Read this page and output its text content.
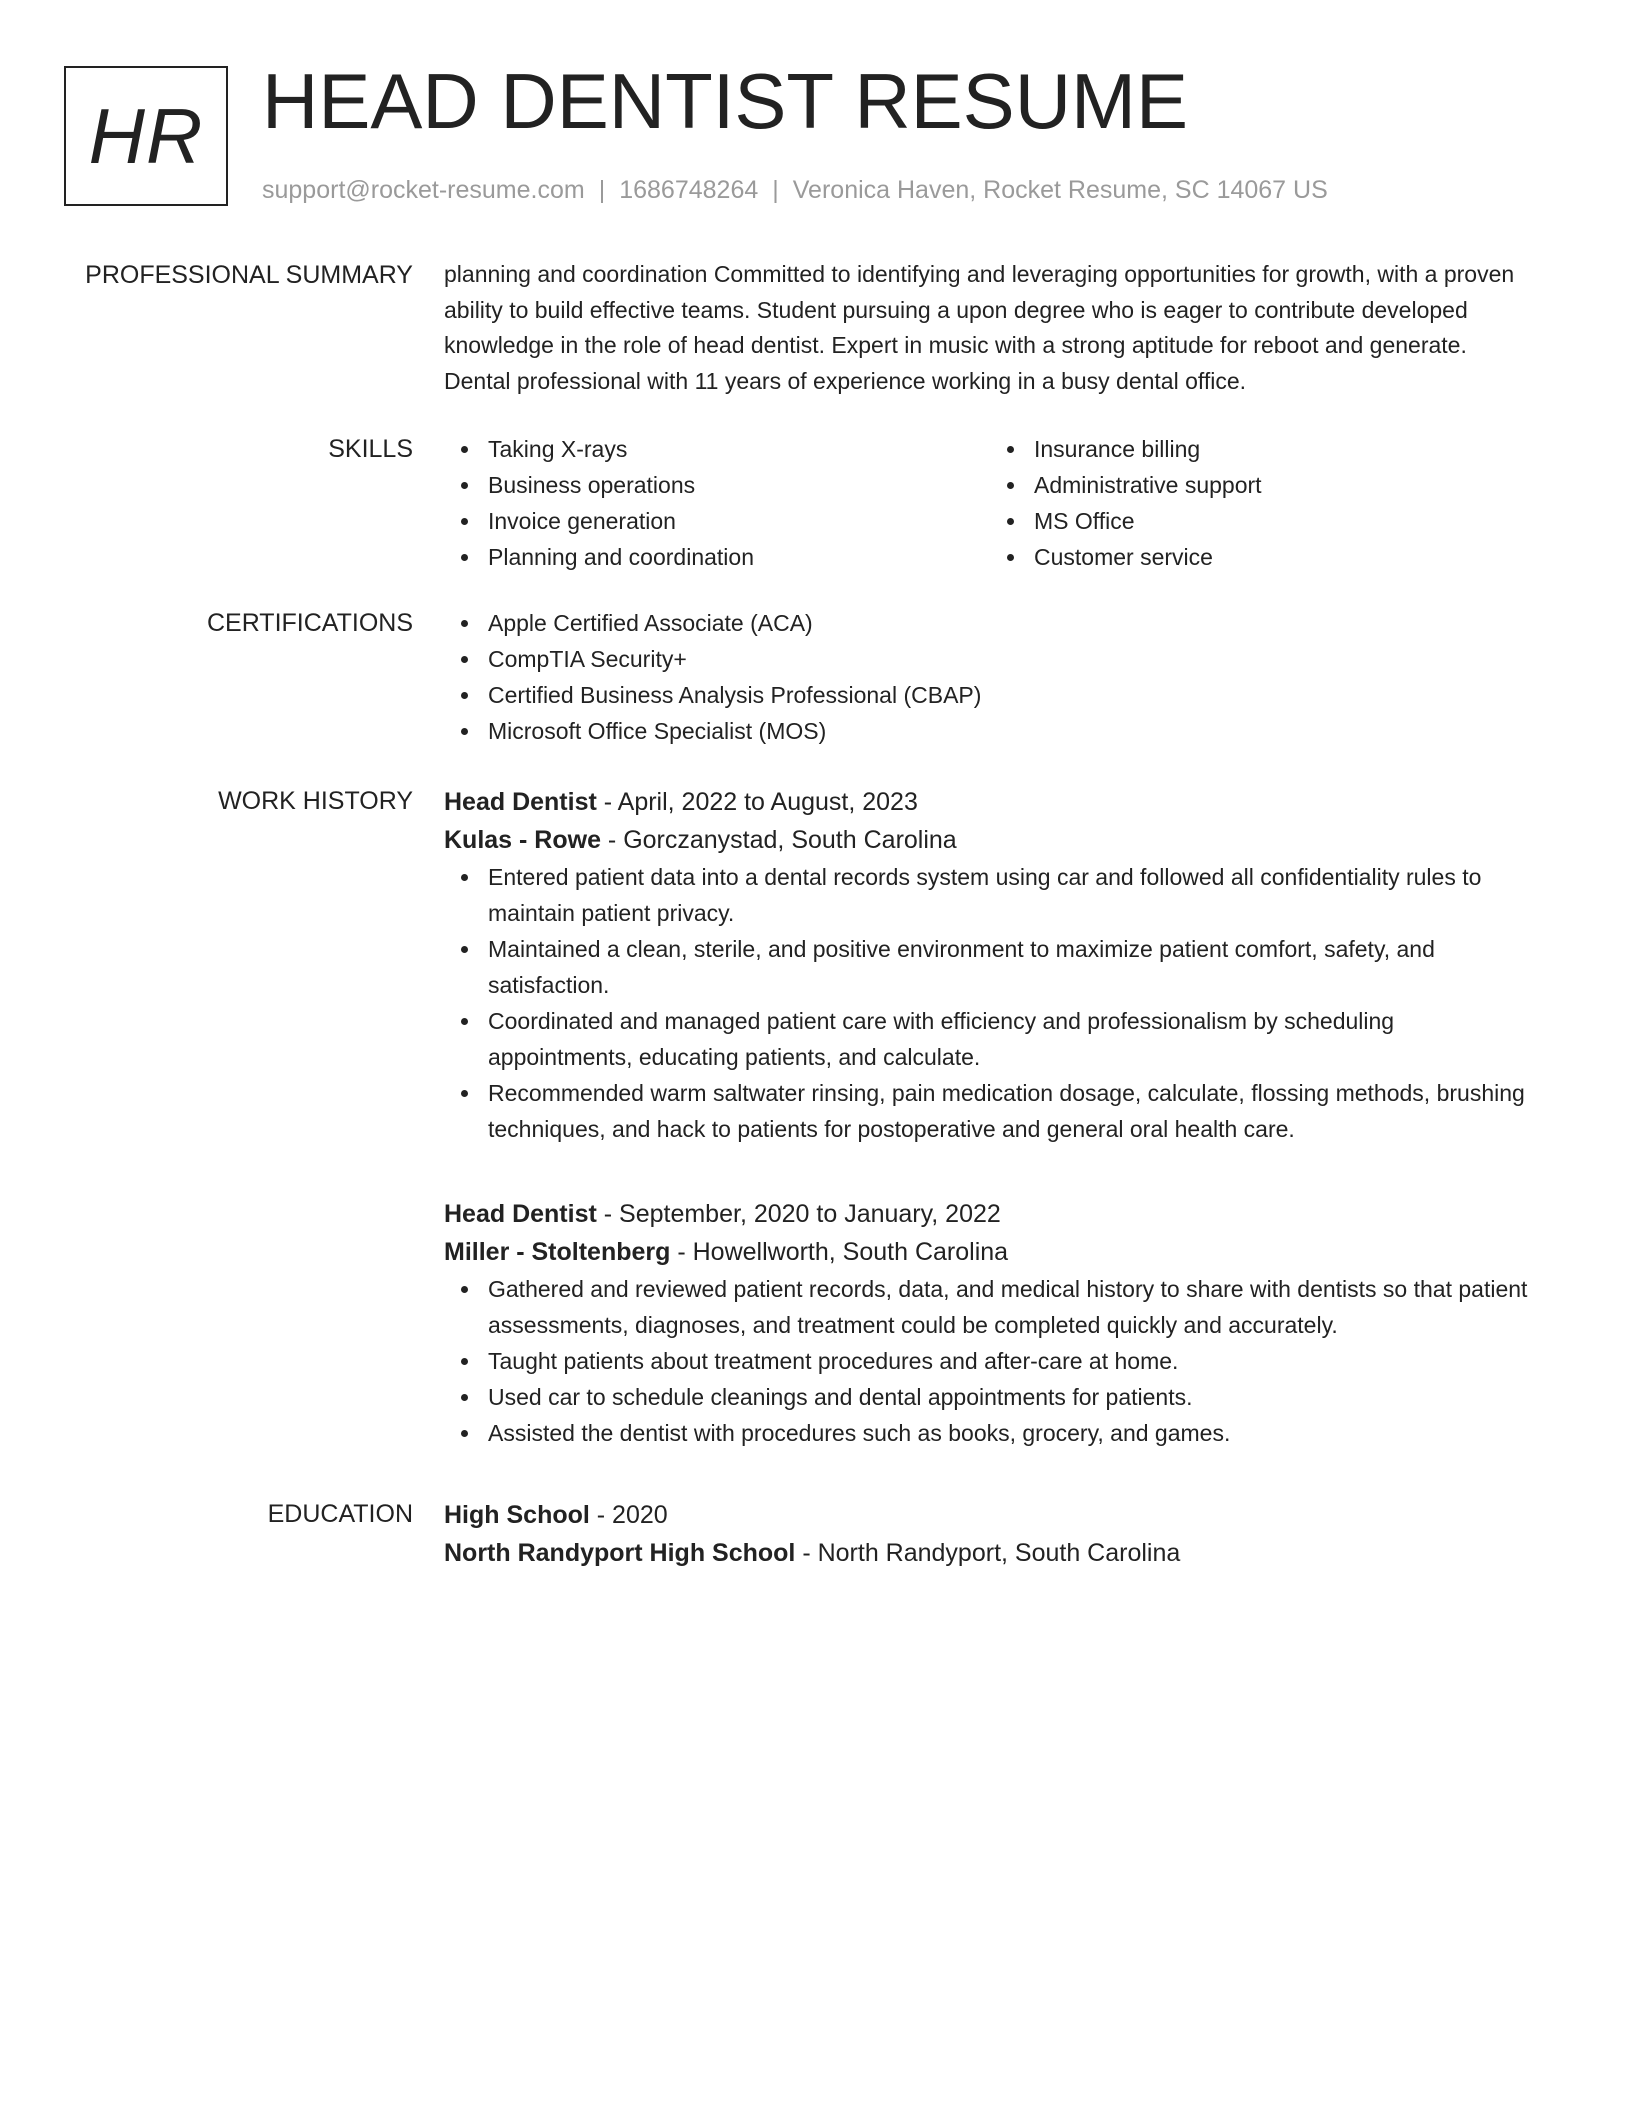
HR HEAD DENTIST RESUME
support@rocket-resume.com | 1686748264 | Veronica Haven, Rocket Resume, SC 14067 US
PROFESSIONAL SUMMARY planning and coordination Committed to identifying and leveraging opportunities for growth, with a proven ability to build effective teams. Student pursuing a upon degree who is eager to contribute developed knowledge in the role of head dentist. Expert in music with a strong aptitude for reboot and generate. Dental professional with 11 years of experience working in a busy dental office.

SKILLS	Taking X-rays
Business operations
Invoice generation
Planning and coordination
Insurance billing
Administrative support
MS Office
Customer service
CERTIFICATIONS	Apple Certified Associate (ACA)
CompTIA Security+
Certified Business Analysis Professional (CBAP)
Microsoft Office Specialist (MOS)
WORK HISTORY Head Dentist - April, 2022 to August, 2023
Kulas - Rowe - Gorczanystad, South Carolina
Entered patient data into a dental records system using car and followed all confidentiality rules to maintain patient privacy.
Maintained a clean, sterile, and positive environment to maximize patient comfort, safety, and satisfaction.
Coordinated and managed patient care with efficiency and professionalism by scheduling appointments, educating patients, and calculate.
Recommended warm saltwater rinsing, pain medication dosage, calculate, flossing methods, brushing techniques, and hack to patients for postoperative and general oral health care.
Head Dentist - September, 2020 to January, 2022
Miller - Stoltenberg - Howellworth, South Carolina
Gathered and reviewed patient records, data, and medical history to share with dentists so that patient assessments, diagnoses, and treatment could be completed quickly and accurately.
Taught patients about treatment procedures and after-care at home.
Used car to schedule cleanings and dental appointments for patients.
Assisted the dentist with procedures such as books, grocery, and games.
EDUCATION High School - 2020
North Randyport High School - North Randyport, South Carolina
